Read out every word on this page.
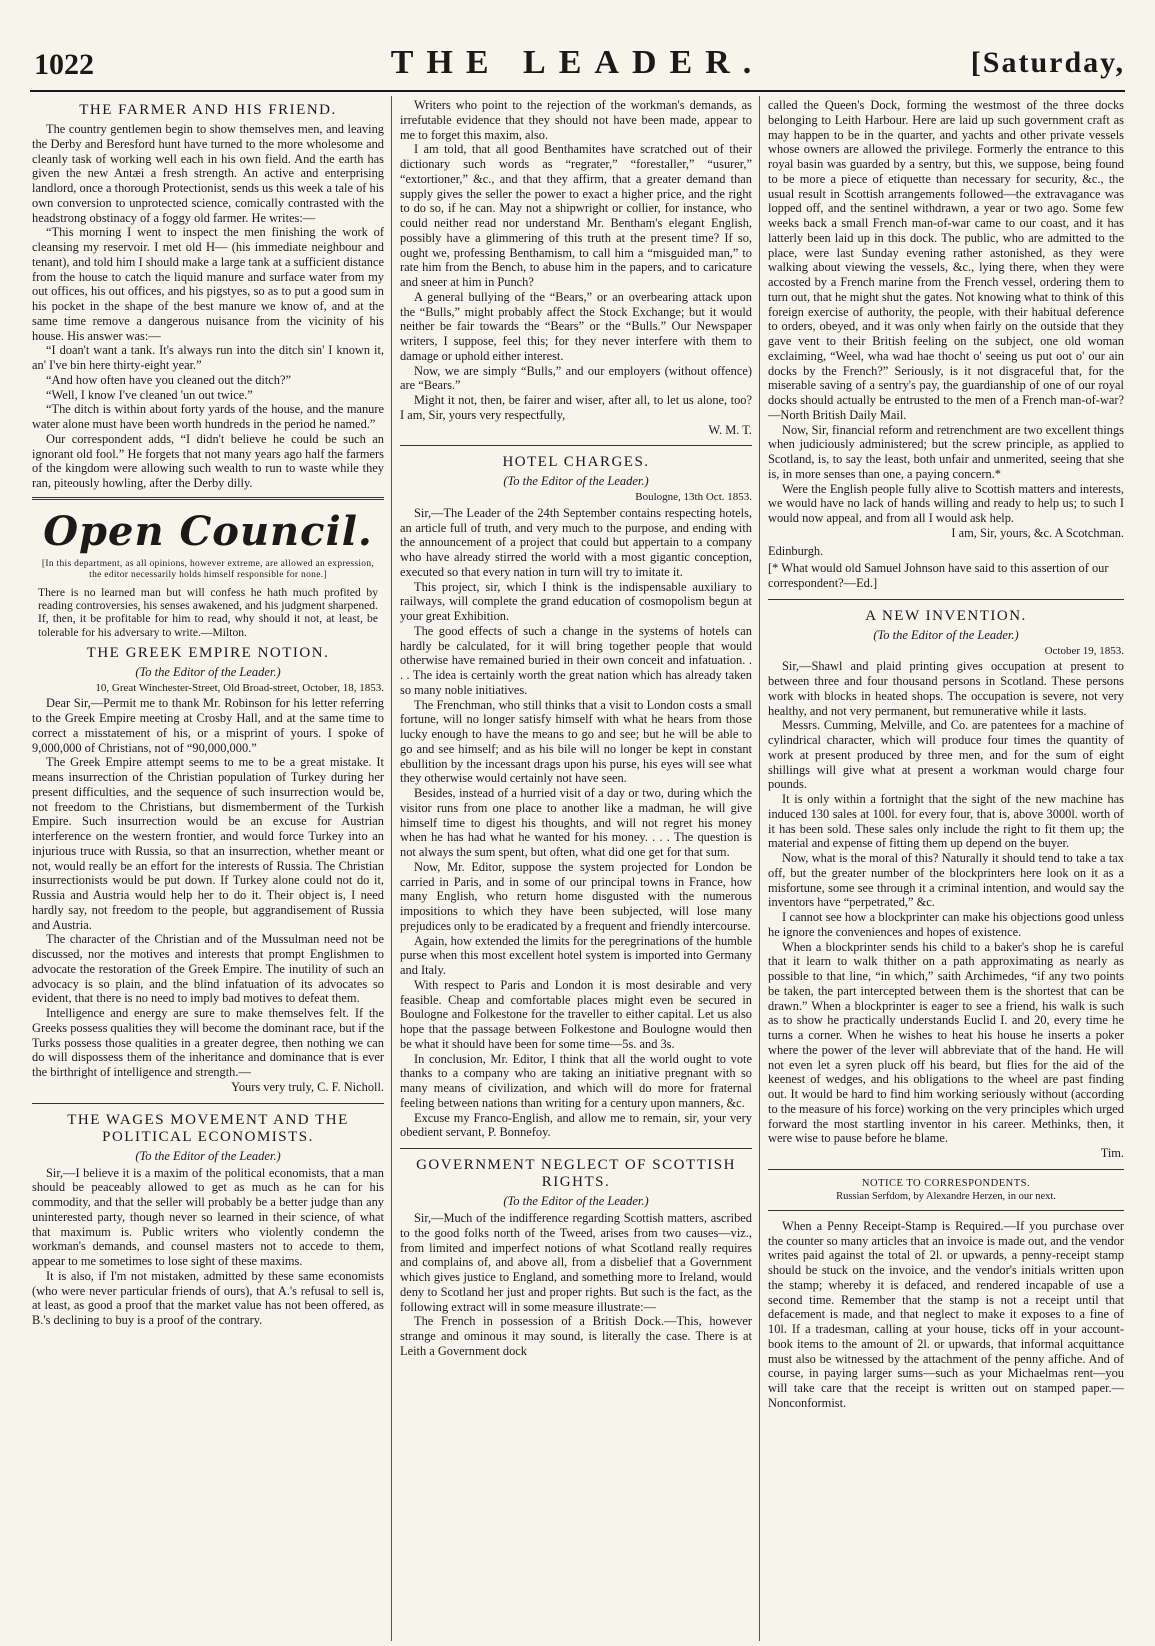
1022	THE LEADER.	[Saturday,
THE FARMER AND HIS FRIEND.

The country gentlemen begin to show themselves men, and leaving the Derby and Beresford hunt have turned to the more wholesome and cleanly task of working well each in his own field. And the earth has given the new Antæi a fresh strength. An active and enterprising landlord, once a thorough Protectionist, sends us this week a tale of his own conversion to unprotected science, comically contrasted with the headstrong obstinacy of a foggy old farmer. He writes:—

“This morning I went to inspect the men finishing the work of cleansing my reservoir. I met old H— (his immediate neighbour and tenant), and told him I should make a large tank at a sufficient distance from the house to catch the liquid manure and surface water from my out offices, his out offices, and his pigstyes, so as to put a good sum in his pocket in the shape of the best manure we know of, and at the same time remove a dangerous nuisance from the vicinity of his house. His answer was:—

“I doan't want a tank. It's always run into the ditch sin' I known it, an' I've bin here thirty-eight year.”

“And how often have you cleaned out the ditch?”

“Well, I know I've cleaned 'un out twice.”

“The ditch is within about forty yards of the house, and the manure water alone must have been worth hundreds in the period he named.”

Our correspondent adds, “I didn't believe he could be such an ignorant old fool.” He forgets that not many years ago half the farmers of the kingdom were allowing such wealth to run to waste while they ran, piteously howling, after the Derby dilly.

Open Council.
[In this department, as all opinions, however extreme, are allowed an expression, the editor necessarily holds himself responsible for none.]
There is no learned man but will confess he hath much profited by reading controversies, his senses awakened, and his judgment sharpened. If, then, it be profitable for him to read, why should it not, at least, be tolerable for his adversary to write.—Milton.
THE GREEK EMPIRE NOTION.
(To the Editor of the Leader.)
10, Great Winchester-Street, Old Broad-street, October, 18, 1853.

Dear Sir,—Permit me to thank Mr. Robinson for his letter referring to the Greek Empire meeting at Crosby Hall, and at the same time to correct a misstatement of his, or a misprint of yours. I spoke of 9,000,000 of Christians, not of “90,000,000.”

The Greek Empire attempt seems to me to be a great mistake. It means insurrection of the Christian population of Turkey during her present difficulties, and the sequence of such insurrection would be, not freedom to the Christians, but dismemberment of the Turkish Empire. Such insurrection would be an excuse for Austrian interference on the western frontier, and would force Turkey into an injurious truce with Russia, so that an insurrection, whether meant or not, would really be an effort for the interests of Russia. The Christian insurrectionists would be put down. If Turkey alone could not do it, Russia and Austria would help her to do it. Their object is, I need hardly say, not freedom to the people, but aggrandisement of Russia and Austria.

The character of the Christian and of the Mussulman need not be discussed, nor the motives and interests that prompt Englishmen to advocate the restoration of the Greek Empire. The inutility of such an advocacy is so plain, and the blind infatuation of its advocates so evident, that there is no need to imply bad motives to defeat them.

Intelligence and energy are sure to make themselves felt. If the Greeks possess qualities they will become the dominant race, but if the Turks possess those qualities in a greater degree, then nothing we can do will dispossess them of the inheritance and dominance that is ever the birthright of intelligence and strength.—

Yours very truly, C. F. Nicholl.
THE WAGES MOVEMENT AND THE POLITICAL ECONOMISTS.
(To the Editor of the Leader.)

Sir,—I believe it is a maxim of the political economists, that a man should be peaceably allowed to get as much as he can for his commodity, and that the seller will probably be a better judge than any uninterested party, though never so learned in their science, of what that maximum is. Public writers who violently condemn the workman's demands, and counsel masters not to accede to them, appear to me sometimes to lose sight of these maxims.

It is also, if I'm not mistaken, admitted by these same economists (who were never particular friends of ours), that A.'s refusal to sell is, at least, as good a proof that the market value has not been offered, as B.'s declining to buy is a proof of the contrary.

Writers who point to the rejection of the workman's demands, as irrefutable evidence that they should not have been made, appear to me to forget this maxim, also.

I am told, that all good Benthamites have scratched out of their dictionary such words as “regrater,” “forestaller,” “usurer,” “extortioner,” &c., and that they affirm, that a greater demand than supply gives the seller the power to exact a higher price, and the right to do so, if he can. May not a shipwright or collier, for instance, who could neither read nor understand Mr. Bentham's elegant English, possibly have a glimmering of this truth at the present time? If so, ought we, professing Benthamism, to call him a “misguided man,” to rate him from the Bench, to abuse him in the papers, and to caricature and sneer at him in Punch?

A general bullying of the “Bears,” or an overbearing attack upon the “Bulls,” might probably affect the Stock Exchange; but it would neither be fair towards the “Bears” or the “Bulls.” Our Newspaper writers, I suppose, feel this; for they never interfere with them to damage or uphold either interest.

Now, we are simply “Bulls,” and our employers (without offence) are “Bears.”

Might it not, then, be fairer and wiser, after all, to let us alone, too? I am, Sir, yours very respectfully,

W. M. T.
HOTEL CHARGES.
(To the Editor of the Leader.)
Boulogne, 13th Oct. 1853.

Sir,—The Leader of the 24th September contains respecting hotels, an article full of truth, and very much to the purpose, and ending with the announcement of a project that could but appertain to a company who have already stirred the world with a most gigantic conception, executed so that every nation in turn will try to imitate it.

This project, sir, which I think is the indispensable auxiliary to railways, will complete the grand education of cosmopolism begun at your great Exhibition.

The good effects of such a change in the systems of hotels can hardly be calculated, for it will bring together people that would otherwise have remained buried in their own conceit and infatuation. . . . The idea is certainly worth the great nation which has already taken so many noble initiatives.

The Frenchman, who still thinks that a visit to London costs a small fortune, will no longer satisfy himself with what he hears from those lucky enough to have the means to go and see; but he will be able to go and see himself; and as his bile will no longer be kept in constant ebullition by the incessant drags upon his purse, his eyes will see what they otherwise would certainly not have seen.

Besides, instead of a hurried visit of a day or two, during which the visitor runs from one place to another like a madman, he will give himself time to digest his thoughts, and will not regret his money when he has had what he wanted for his money. . . . The question is not always the sum spent, but often, what did one get for that sum.

Now, Mr. Editor, suppose the system projected for London be carried in Paris, and in some of our principal towns in France, how many English, who return home disgusted with the numerous impositions to which they have been subjected, will lose many prejudices only to be eradicated by a frequent and friendly intercourse.

Again, how extended the limits for the peregrinations of the humble purse when this most excellent hotel system is imported into Germany and Italy.

With respect to Paris and London it is most desirable and very feasible. Cheap and comfortable places might even be secured in Boulogne and Folkestone for the traveller to either capital. Let us also hope that the passage between Folkestone and Boulogne would then be what it should have been for some time—5s. and 3s.

In conclusion, Mr. Editor, I think that all the world ought to vote thanks to a company who are taking an initiative pregnant with so many means of civilization, and which will do more for fraternal feeling between nations than writing for a century upon manners, &c.

Excuse my Franco-English, and allow me to remain, sir, your very obedient servant, P. Bonnefoy.

GOVERNMENT NEGLECT OF SCOTTISH RIGHTS.
(To the Editor of the Leader.)

Sir,—Much of the indifference regarding Scottish matters, ascribed to the good folks north of the Tweed, arises from two causes—viz., from limited and imperfect notions of what Scotland really requires and complains of, and above all, from a disbelief that a Government which gives justice to England, and something more to Ireland, would deny to Scotland her just and proper rights. But such is the fact, as the following extract will in some measure illustrate:—

The French in possession of a British Dock.—This, however strange and ominous it may sound, is literally the case. There is at Leith a Government dock

called the Queen's Dock, forming the westmost of the three docks belonging to Leith Harbour. Here are laid up such government craft as may happen to be in the quarter, and yachts and other private vessels whose owners are allowed the privilege. Formerly the entrance to this royal basin was guarded by a sentry, but this, we suppose, being found to be more a piece of etiquette than necessary for security, &c., the usual result in Scottish arrangements followed—the extravagance was lopped off, and the sentinel withdrawn, a year or two ago. Some few weeks back a small French man-of-war came to our coast, and it has latterly been laid up in this dock. The public, who are admitted to the place, were last Sunday evening rather astonished, as they were walking about viewing the vessels, &c., lying there, when they were accosted by a French marine from the French vessel, ordering them to turn out, that he might shut the gates. Not knowing what to think of this foreign exercise of authority, the people, with their habitual deference to orders, obeyed, and it was only when fairly on the outside that they gave vent to their British feeling on the subject, one old woman exclaiming, “Weel, wha wad hae thocht o' seeing us put oot o' our ain docks by the French?” Seriously, is it not disgraceful that, for the miserable saving of a sentry's pay, the guardianship of one of our royal docks should actually be entrusted to the men of a French man-of-war?—North British Daily Mail.

Now, Sir, financial reform and retrenchment are two excellent things when judiciously administered; but the screw principle, as applied to Scotland, is, to say the least, both unfair and unmerited, seeing that she is, in more senses than one, a paying concern.*

Were the English people fully alive to Scottish matters and interests, we would have no lack of hands willing and ready to help us; to such I would now appeal, and from all I would ask help.

I am, Sir, yours, &c. A Scotchman.
Edinburgh.
[* What would old Samuel Johnson have said to this assertion of our correspondent?—Ed.]
A NEW INVENTION.
(To the Editor of the Leader.)
October 19, 1853.

Sir,—Shawl and plaid printing gives occupation at present to between three and four thousand persons in Scotland. These persons work with blocks in heated shops. The occupation is severe, not very healthy, and not very permanent, but remunerative while it lasts.

Messrs. Cumming, Melville, and Co. are patentees for a machine of cylindrical character, which will produce four times the quantity of work at present produced by three men, and for the sum of eight shillings will give what at present a workman would charge four pounds.

It is only within a fortnight that the sight of the new machine has induced 130 sales at 100l. for every four, that is, above 3000l. worth of it has been sold. These sales only include the right to fit them up; the material and expense of fitting them up depend on the buyer.

Now, what is the moral of this? Naturally it should tend to take a tax off, but the greater number of the blockprinters here look on it as a misfortune, some see through it a criminal intention, and would say the inventors have “perpetrated,” &c.

I cannot see how a blockprinter can make his objections good unless he ignore the conveniences and hopes of existence.

When a blockprinter sends his child to a baker's shop he is careful that it learn to walk thither on a path approximating as nearly as possible to that line, “in which,” saith Archimedes, “if any two points be taken, the part intercepted between them is the shortest that can be drawn.” When a blockprinter is eager to see a friend, his walk is such as to show he practically understands Euclid I. and 20, every time he turns a corner. When he wishes to heat his house he inserts a poker where the power of the lever will abbreviate that of the hand. He will not even let a syren pluck off his beard, but flies for the aid of the keenest of wedges, and his obligations to the wheel are past finding out. It would be hard to find him working seriously without (according to the measure of his force) working on the very principles which urged forward the most startling inventor in his career. Methinks, then, it were wise to pause before he blame.

Tim.
NOTICE TO CORRESPONDENTS.
Russian Serfdom, by Alexandre Herzen, in our next.

When a Penny Receipt-Stamp is Required.—If you purchase over the counter so many articles that an invoice is made out, and the vendor writes paid against the total of 2l. or upwards, a penny-receipt stamp should be stuck on the invoice, and the vendor's initials written upon the stamp; whereby it is defaced, and rendered incapable of use a second time. Remember that the stamp is not a receipt until that defacement is made, and that neglect to make it exposes to a fine of 10l. If a tradesman, calling at your house, ticks off in your account-book items to the amount of 2l. or upwards, that informal acquittance must also be witnessed by the attachment of the penny affiche. And of course, in paying larger sums—such as your Michaelmas rent—you will take care that the receipt is written out on stamped paper.—Nonconformist.
